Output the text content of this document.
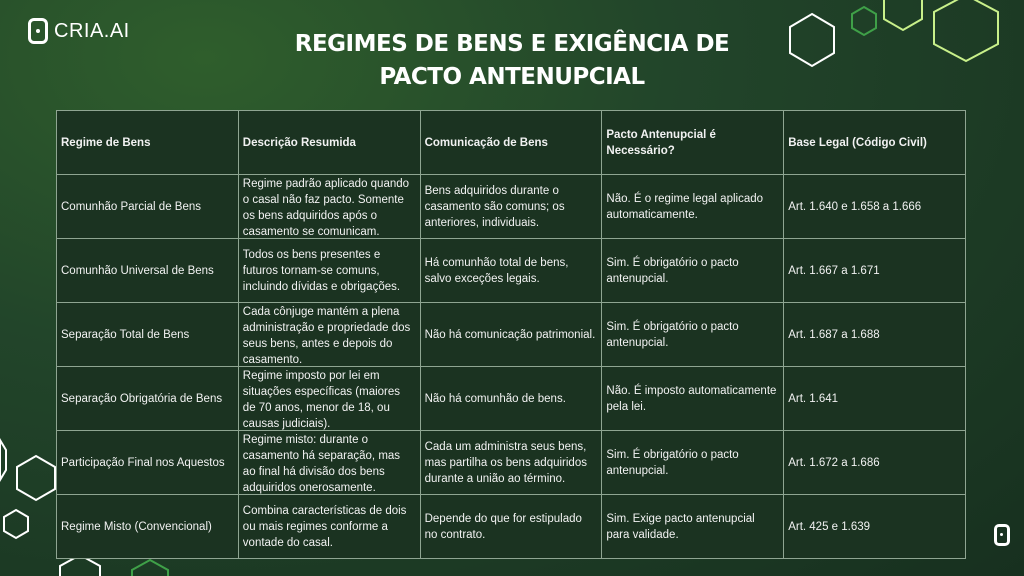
CRIA.AI
REGIMES DE BENS E EXIGÊNCIA DE
PACTO ANTENUPCIAL
Regime de Bens	Descrição Resumida	Comunicação de Bens	Pacto Antenupcial é Necessário?	Base Legal (Código Civil)

Comunhão Parcial de Bens	Regime padrão aplicado quando o casal não faz pacto. Somente os bens adquiridos após o casamento se comunicam.	Bens adquiridos durante o casamento são comuns; os anteriores, individuais.	Não. É o regime legal aplicado automaticamente.	Art. 1.640 e 1.658 a 1.666

Comunhão Universal de Bens	Todos os bens presentes e futuros tornam-se comuns, incluindo dívidas e obrigações.	Há comunhão total de bens, salvo exceções legais.	Sim. É obrigatório o pacto antenupcial.	Art. 1.667 a 1.671

Separação Total de Bens	Cada cônjuge mantém a plena administração e propriedade dos seus bens, antes e depois do casamento.	Não há comunicação patrimonial.	Sim. É obrigatório o pacto antenupcial.	Art. 1.687 a 1.688

Separação Obrigatória de Bens	Regime imposto por lei em situações específicas (maiores de 70 anos, menor de 18, ou causas judiciais).	Não há comunhão de bens.	Não. É imposto automaticamente pela lei.	Art. 1.641

Participação Final nos Aquestos	Regime misto: durante o casamento há separação, mas ao final há divisão dos bens adquiridos onerosamente.	Cada um administra seus bens, mas partilha os bens adquiridos durante a união ao término.	Sim. É obrigatório o pacto antenupcial.	Art. 1.672 a 1.686

Regime Misto (Convencional)	Combina características de dois ou mais regimes conforme a vontade do casal.	Depende do que for estipulado no contrato.	Sim. Exige pacto antenupcial para validade.	Art. 425 e 1.639
